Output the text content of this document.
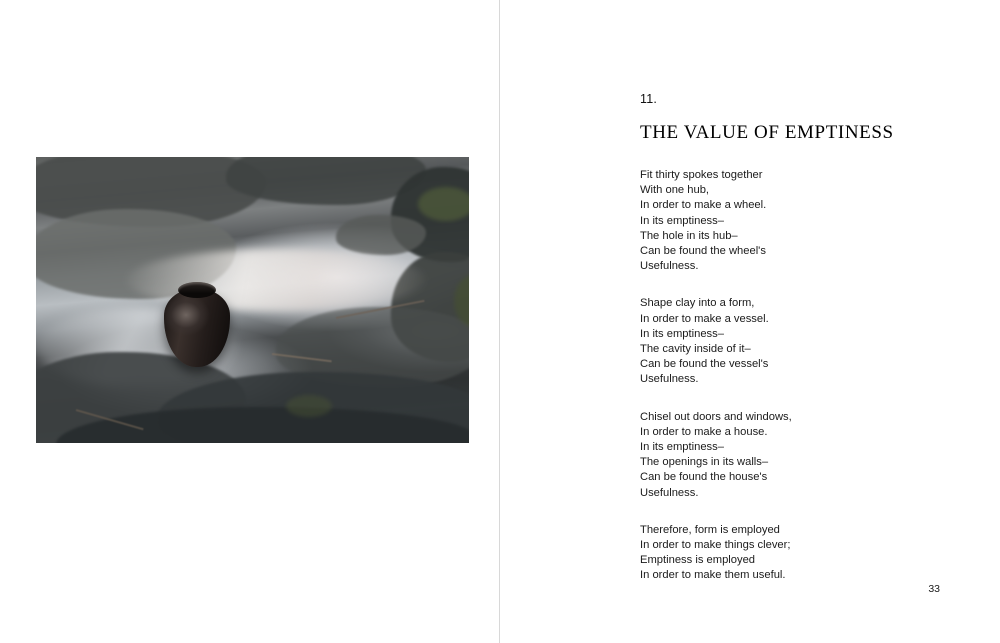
11.
THE VALUE OF EMPTINESS
Fit thirty spokes together
With one hub,
In order to make a wheel.
In its emptiness–
The hole in its hub–
Can be found the wheel's
Usefulness.
Shape clay into a form,
In order to make a vessel.
In its emptiness–
The cavity inside of it–
Can be found the vessel's
Usefulness.
Chisel out doors and windows,
In order to make a house.
In its emptiness–
The openings in its walls–
Can be found the house's
Usefulness.
Therefore, form is employed
In order to make things clever;
Emptiness is employed
In order to make them useful.
33
